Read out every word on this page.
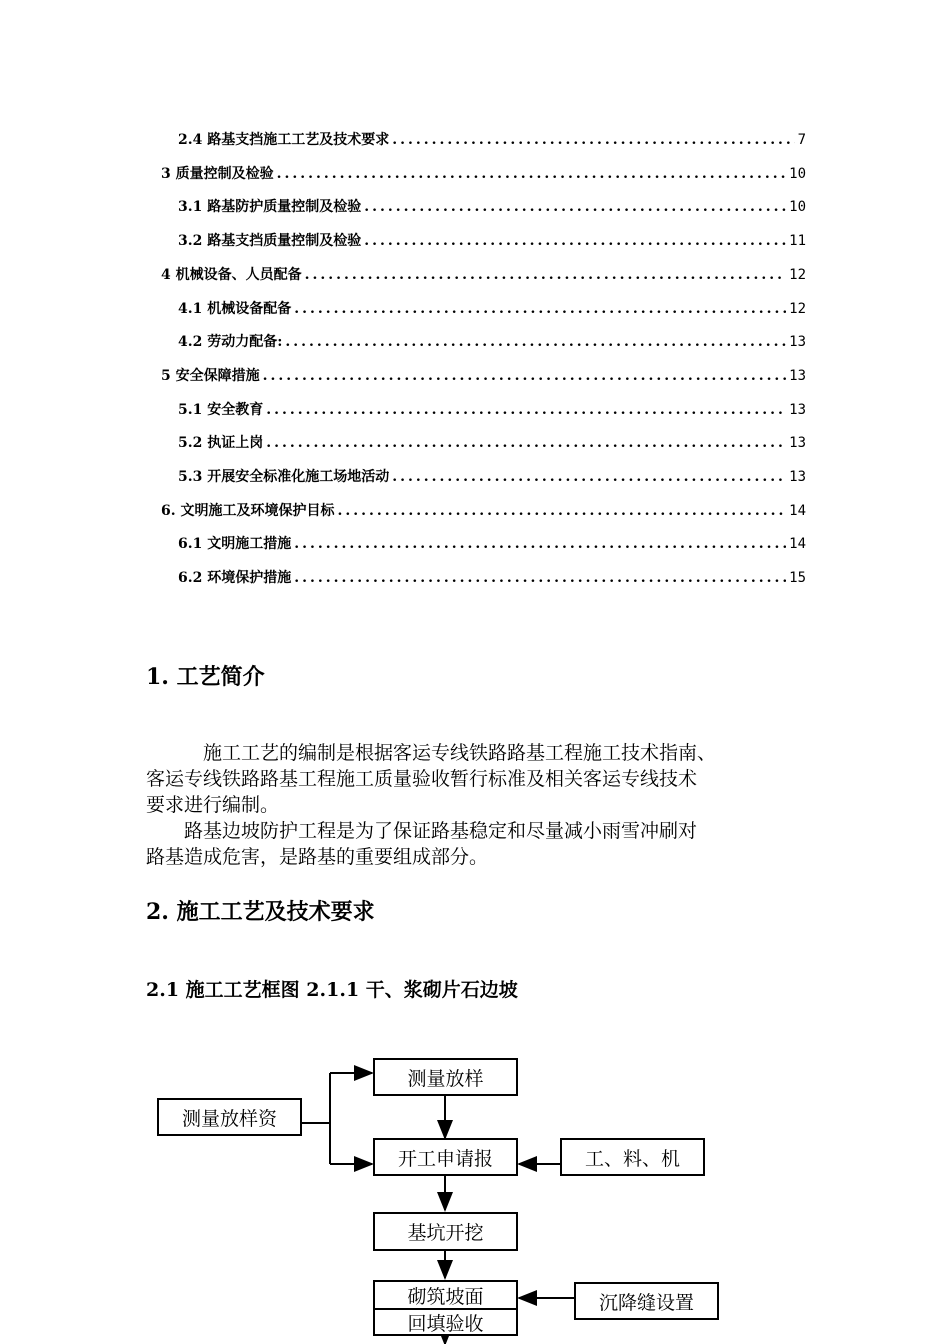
2.4 路基支挡施工工艺及技术要求 .....	7
3 质量控制及检验 .....	10
3.1 路基防护质量控制及检验 .....	10
3.2 路基支挡质量控制及检验 .....	11
4 机械设备、人员配备 .....	12
4.1 机械设备配备 .....	12
4.2 劳动力配备: .....	13
5 安全保障措施 .....	13
5.1 安全教育 .....	13
5.2 执证上岗 .....	13
5.3 开展安全标准化施工场地活动 .....	13
6. 文明施工及环境保护目标 .....	14
6.1 文明施工措施 .....	14
6.2 环境保护措施 .....	15
1. 工艺简介

　　　施工工艺的编制是根据客运专线铁路路基工程施工技术指南、

客运专线铁路路基工程施工质量验收暂行标准及相关客运专线技术

要求进行编制。

　　路基边坡防护工程是为了保证路基稳定和尽量减小雨雪冲刷对

路基造成危害，是路基的重要组成部分。

2. 施工工艺及技术要求
2.1 施工工艺框图 2.1.1 干、浆砌片石边坡
测量放样
测量放样资
开工申请报	工、料、机
基坑开挖
砌筑坡面	沉降缝设置
回填验收
